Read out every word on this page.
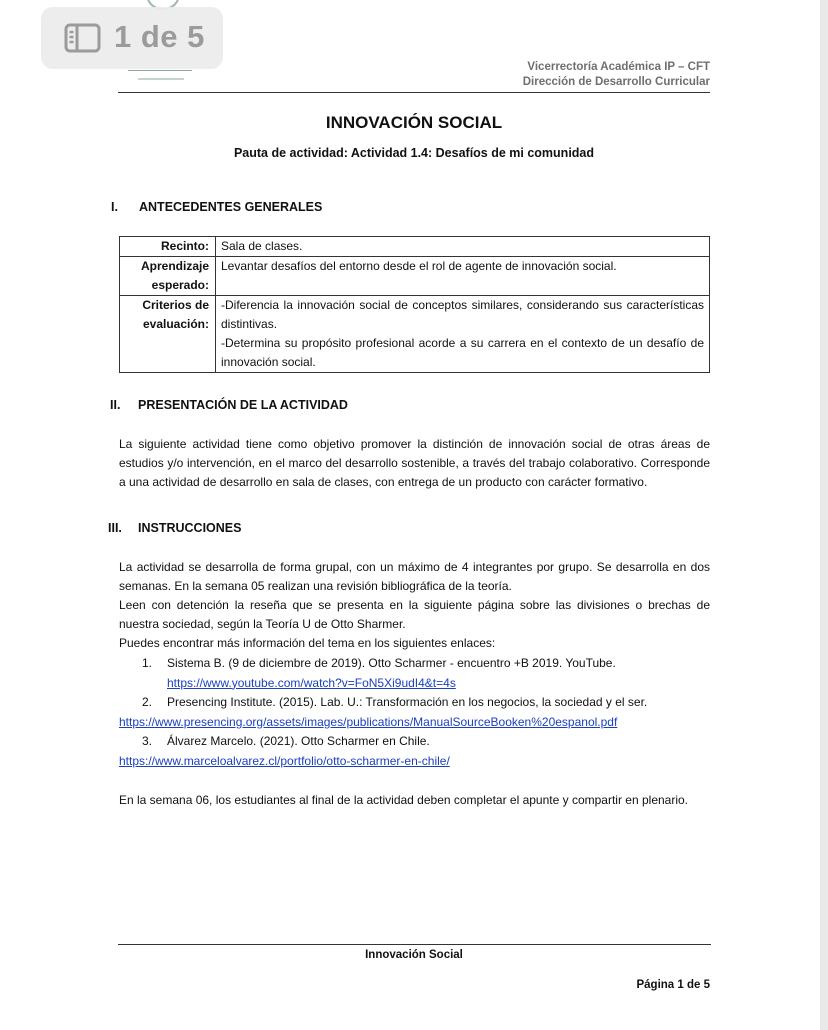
Vicerrectoría Académica IP – CFT
Dirección de Desarrollo Curricular
INNOVACIÓN SOCIAL
Pauta de actividad: Actividad 1.4: Desafíos de mi comunidad
I. ANTECEDENTES GENERALES
Recinto:	Sala de clases.
Aprendizaje esperado:	Levantar desafíos del entorno desde el rol de agente de innovación social.
Criterios de evaluación:	-Diferencia la innovación social de conceptos similares, considerando sus características distintivas.
-Determina su propósito profesional acorde a su carrera en el contexto de un desafío de innovación social.
II. PRESENTACIÓN DE LA ACTIVIDAD
La siguiente actividad tiene como objetivo promover la distinción de innovación social de otras áreas de estudios y/o intervención, en el marco del desarrollo sostenible, a través del trabajo colaborativo. Corresponde a una actividad de desarrollo en sala de clases, con entrega de un producto con carácter formativo.
III. INSTRUCCIONES

La actividad se desarrolla de forma grupal, con un máximo de 4 integrantes por grupo. Se desarrolla en dos semanas. En la semana 05 realizan una revisión bibliográfica de la teoría.

Leen con detención la reseña que se presenta en la siguiente página sobre las divisiones o brechas de nuestra sociedad, según la Teoría U de Otto Sharmer.

Puedes encontrar más información del tema en los siguientes enlaces:

1. Sistema B. (9 de diciembre de 2019). Otto Scharmer - encuentro +B 2019. YouTube.
https://www.youtube.com/watch?v=FoN5Xi9udI4&t=4s
2. Presencing Institute. (2015). Lab. U.: Transformación en los negocios, la sociedad y el ser.
https://www.presencing.org/assets/images/publications/ManualSourceBooken%20espanol.pdf
3. Álvarez Marcelo. (2021). Otto Scharmer en Chile.
https://www.marceloalvarez.cl/portfolio/otto-scharmer-en-chile/
En la semana 06, los estudiantes al final de la actividad deben completar el apunte y compartir en plenario.
Innovación Social
Página 1 de 5
1 de 5
